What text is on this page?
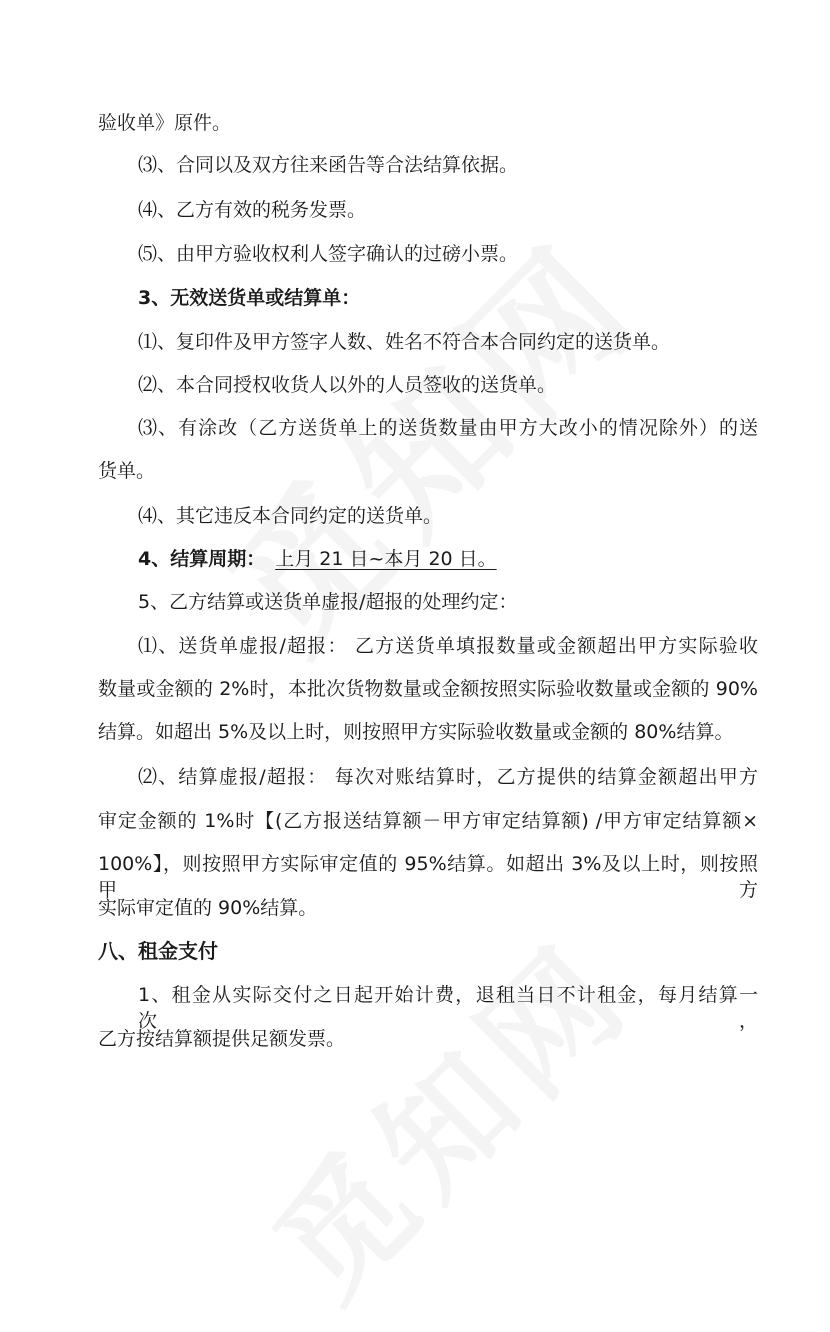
验收单》原件。
⑶、合同以及双方往来函告等合法结算依据。
⑷、乙方有效的税务发票。
⑸、由甲方验收权利人签字确认的过磅小票。
3、无效送货单或结算单：
⑴、复印件及甲方签字人数、姓名不符合本合同约定的送货单。
⑵、本合同授权收货人以外的人员签收的送货单。
⑶、有涂改（乙方送货单上的送货数量由甲方大改小的情况除外）的送
货单。
⑷、其它违反本合同约定的送货单。
4、结算周期： 上月 21 日~本月 20 日。
5、乙方结算或送货单虚报/超报的处理约定：
⑴、送货单虚报/超报： 乙方送货单填报数量或金额超出甲方实际验收
数量或金额的 2%时，本批次货物数量或金额按照实际验收数量或金额的 90%
结算。如超出 5%及以上时，则按照甲方实际验收数量或金额的 80%结算。
⑵、结算虚报/超报： 每次对账结算时，乙方提供的结算金额超出甲方
审定金额的 1%时【(乙方报送结算额－甲方审定结算额) /甲方审定结算额×
100%】，则按照甲方实际审定值的 95%结算。如超出 3%及以上时，则按照甲方
实际审定值的 90%结算。
八、租金支付
1、租金从实际交付之日起开始计费，退租当日不计租金，每月结算一次，
乙方按结算额提供足额发票。
